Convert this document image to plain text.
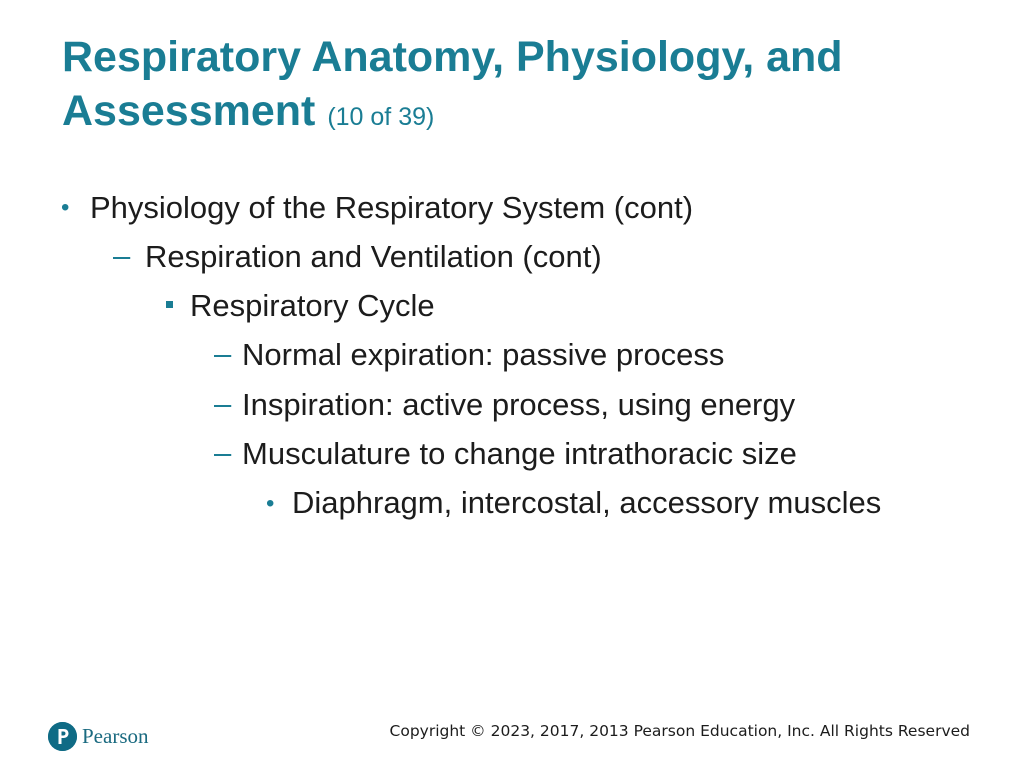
Respiratory Anatomy, Physiology, and
Assessment (10 of 39)
• Physiology of the Respiratory System (cont)
– Respiration and Ventilation (cont)
Respiratory Cycle
– Normal expiration: passive process
– Inspiration: active process, using energy
– Musculature to change intrathoracic size
• Diaphragm, intercostal, accessory muscles
Pearson	Copyright © 2023, 2017, 2013 Pearson Education, Inc. All Rights Reserved
